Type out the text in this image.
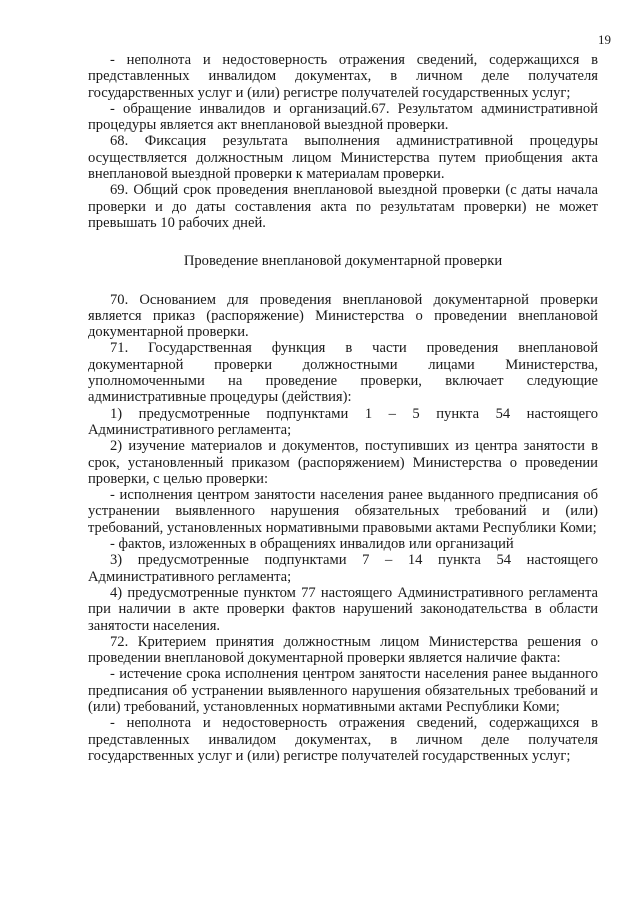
19

- неполнота и недостоверность отражения сведений, содержащихся в представленных инвалидом документах, в личном деле получателя государственных услуг и (или) регистре получателей государственных услуг;

- обращение инвалидов и организаций.67. Результатом административной процедуры является акт внеплановой выездной проверки.

68. Фиксация результата выполнения административной процедуры осуществляется должностным лицом Министерства путем приобщения акта внеплановой выездной проверки к материалам проверки.

69. Общий срок проведения внеплановой выездной проверки (с даты начала проверки и до даты составления акта по результатам проверки) не может превышать 10 рабочих дней.

Проведение внеплановой документарной проверки

70. Основанием для проведения внеплановой документарной проверки является приказ (распоряжение) Министерства о проведении внеплановой документарной проверки.

71. Государственная функция в части проведения внеплановой документарной проверки должностными лицами Министерства, уполномоченными на проведение проверки, включает следующие административные процедуры (действия):

1) предусмотренные подпунктами 1 – 5 пункта 54 настоящего Административного регламента;

2) изучение материалов и документов, поступивших из центра занятости в срок, установленный приказом (распоряжением) Министерства о проведении проверки, с целью проверки:

- исполнения центром занятости населения ранее выданного предписания об устранении выявленного нарушения обязательных требований и (или) требований, установленных нормативными правовыми актами Республики Коми;

- фактов, изложенных в обращениях инвалидов или организаций

3) предусмотренные подпунктами 7 – 14 пункта 54 настоящего Административного регламента;

4) предусмотренные пунктом 77 настоящего Административного регламента при наличии в акте проверки фактов нарушений законодательства в области занятости населения.

72. Критерием принятия должностным лицом Министерства решения о проведении внеплановой документарной проверки является наличие факта:

- истечение срока исполнения центром занятости населения ранее выданного предписания об устранении выявленного нарушения обязательных требований и (или) требований, установленных нормативными актами Республики Коми;

- неполнота и недостоверность отражения сведений, содержащихся в представленных инвалидом документах, в личном деле получателя государственных услуг и (или) регистре получателей государственных услуг;
